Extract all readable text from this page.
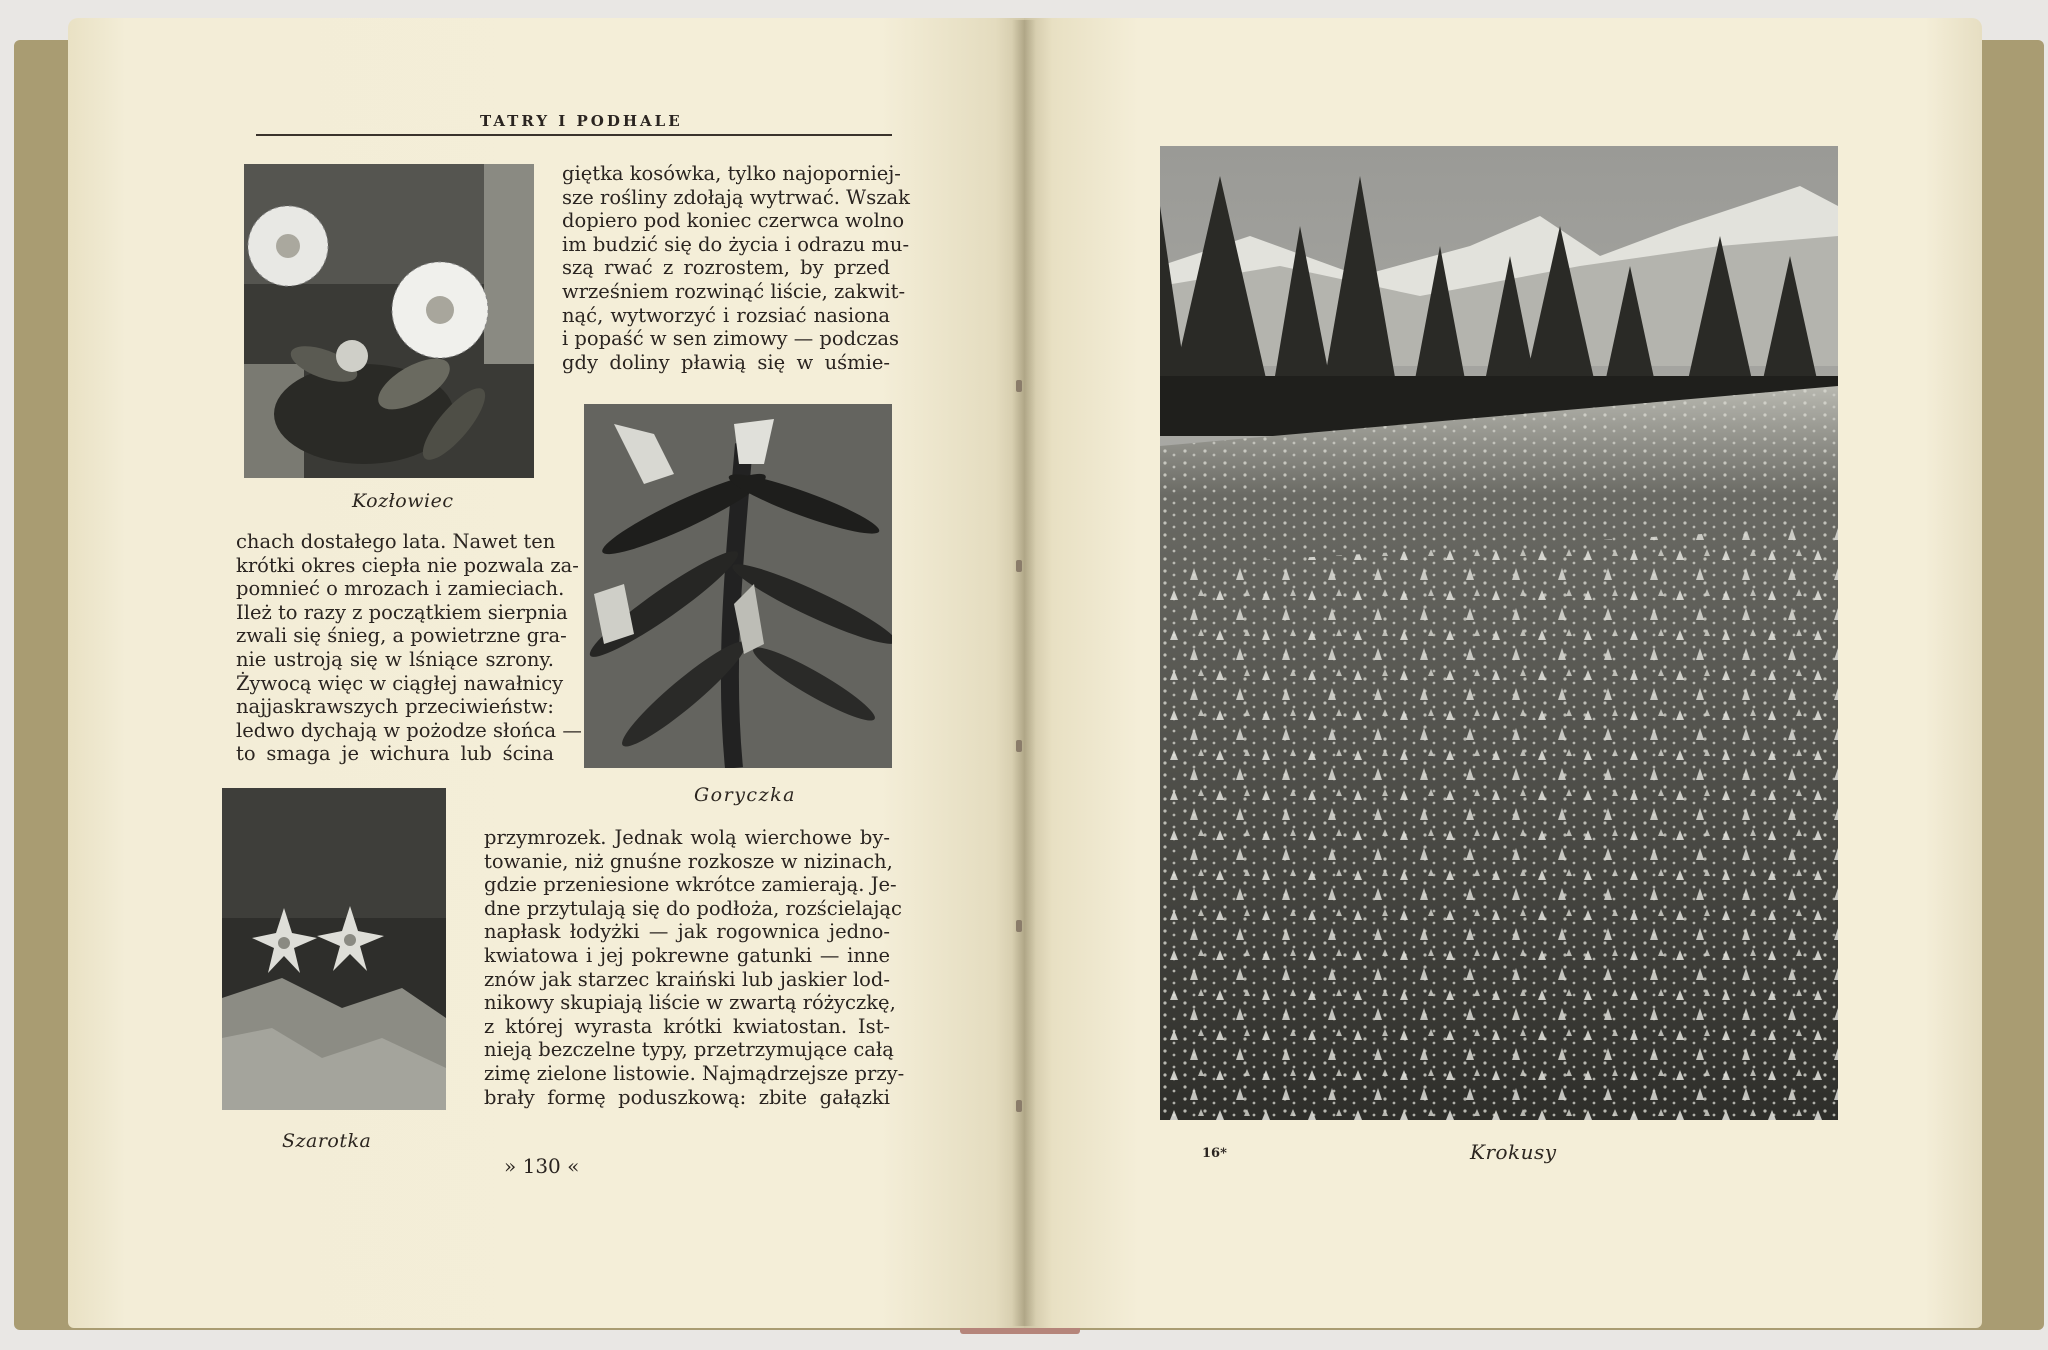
TATRY I PODHALE
Kozłowiec
giętka kosówka, tylko najoporniej-
sze rośliny zdołają wytrwać. Wszak
dopiero pod koniec czerwca wolno
im budzić się do życia i odrazu mu-
szą rwać z rozrostem, by przed
wrześniem rozwinąć liście, zakwit-
nąć, wytworzyć i rozsiać nasiona
i popaść w sen zimowy — podczas
gdy doliny pławią się w uśmie-
Goryczka
chach dostałego lata. Nawet ten
krótki okres ciepła nie pozwala za-
pomnieć o mrozach i zamieciach.
Ileż to razy z początkiem sierpnia
zwali się śnieg, a powietrzne gra-
nie ustroją się w lśniące szrony.
Żywocą więc w ciągłej nawałnicy
najjaskrawszych przeciwieństw:
ledwo dychają w pożodze słońca —
to smaga je wichura lub ścina
Szarotka
przymrozek. Jednak wolą wierchowe by-
towanie, niż gnuśne rozkosze w nizinach,
gdzie przeniesione wkrótce zamierają. Je-
dne przytulają się do podłoża, rozścielając
napłask łodyżki — jak rogownica jedno-
kwiatowa i jej pokrewne gatunki — inne
znów jak starzec kraiński lub jaskier lod-
nikowy skupiają liście w zwartą różyczkę,
z której wyrasta krótki kwiatostan. Ist-
nieją bezczelne typy, przetrzymujące całą
zimę zielone listowie. Najmądrzejsze przy-
brały formę poduszkową: zbite gałązki
» 130 «
16*	Krokusy
